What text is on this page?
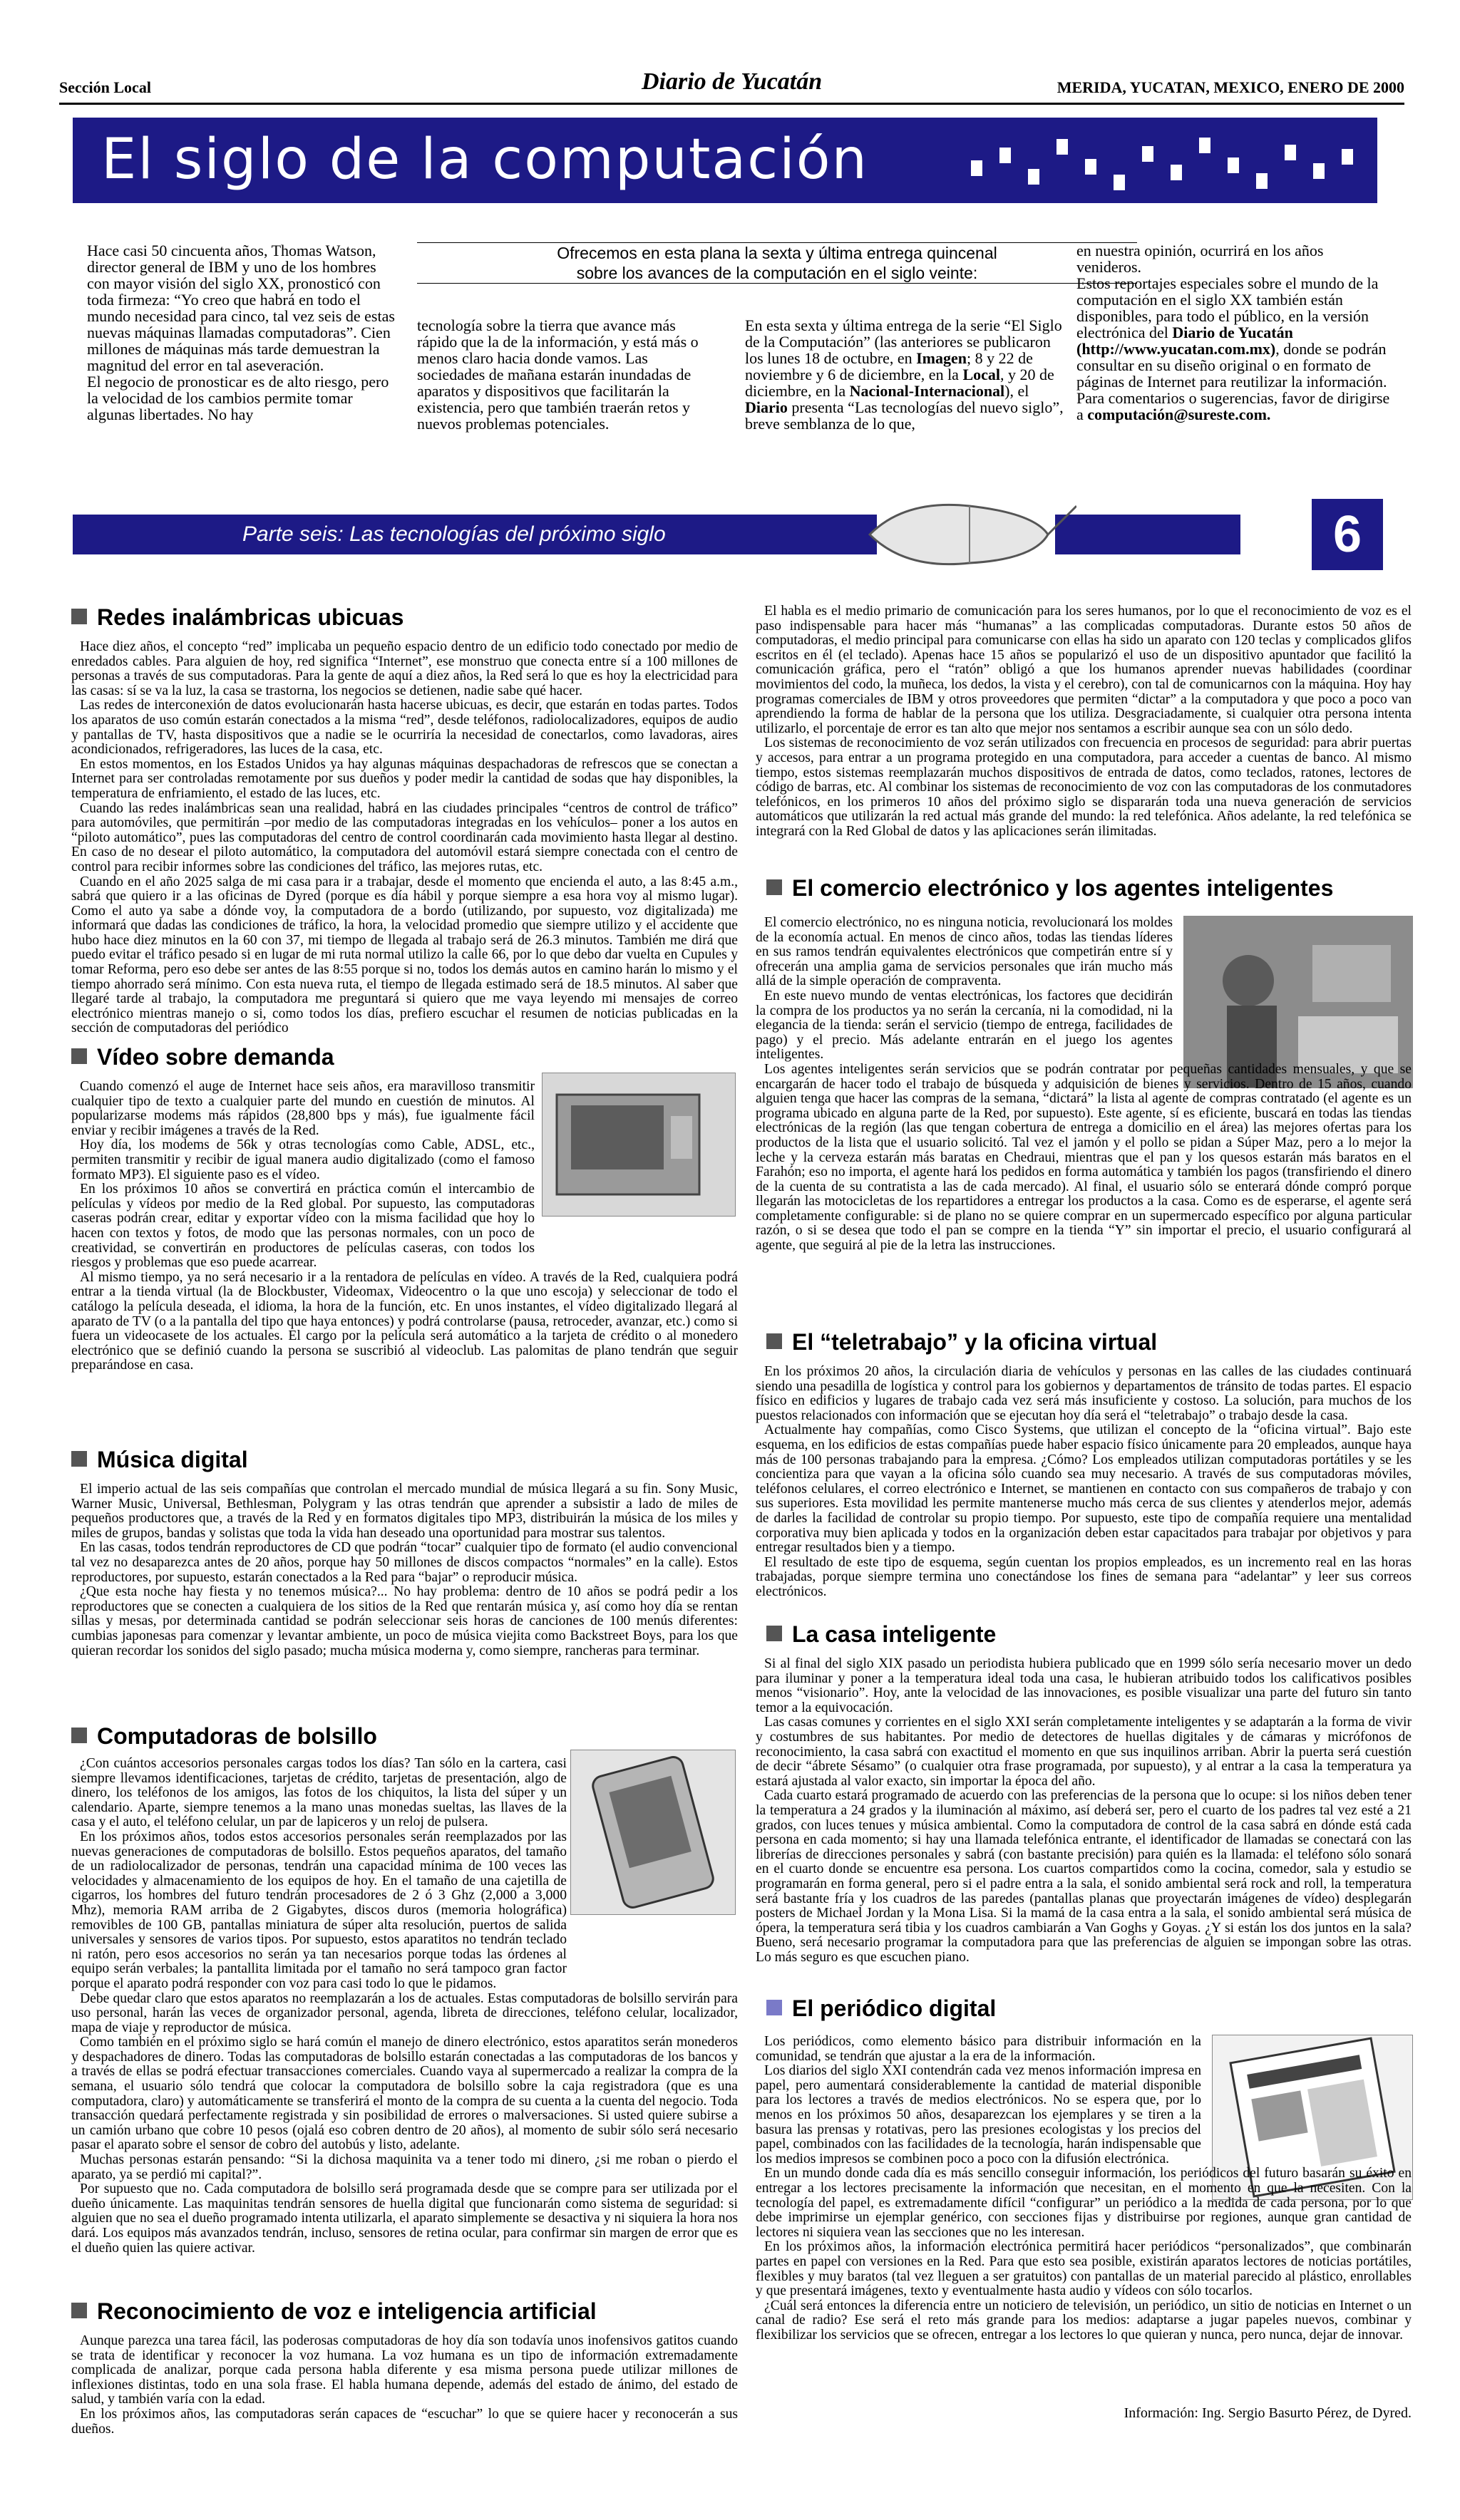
Sección Local	Diario de Yucatán	MERIDA, YUCATAN, MEXICO, ENERO DE 2000
El siglo de la computación

Hace casi 50 cincuenta años, Thomas Watson, director general de IBM y uno de los hombres con mayor visión del siglo XX, pronosticó con toda firmeza: “Yo creo que habrá en todo el mundo necesidad para cinco, tal vez seis de estas nuevas máquinas llamadas computadoras”. Cien millones de máquinas más tarde demuestran la magnitud del error en tal aseveración.

El negocio de pronosticar es de alto riesgo, pero la velocidad de los cambios permite tomar algunas libertades. No hay

Ofrecemos en esta plana la sexta y última entrega quincenal
sobre los avances de la computación en el siglo veinte:
tecnología sobre la tierra que avance más rápido que la de la información, y está más o menos claro hacia donde vamos. Las sociedades de mañana estarán inundadas de aparatos y dispositivos que facilitarán la existencia, pero que también traerán retos y nuevos problemas potenciales.
En esta sexta y última entrega de la serie “El Siglo de la Computación” (las anteriores se publicaron los lunes 18 de octubre, en Imagen; 8 y 22 de noviembre y 6 de diciembre, en la Local, y 20 de diciembre, en la Nacional-Internacional), el Diario presenta “Las tecnologías del nuevo siglo”, breve semblanza de lo que,

en nuestra opinión, ocurrirá en los años venideros.

Estos reportajes especiales sobre el mundo de la computación en el siglo XX también están disponibles, para todo el público, en la versión electrónica del Diario de Yucatán (http://www.yucatan.com.mx), donde se podrán consultar en su diseño original o en formato de páginas de Internet para reutilizar la información.

Para comentarios o sugerencias, favor de dirigirse a computación@sureste.com.

Parte seis: Las tecnologías del próximo siglo	6
Redes inalámbricas ubicuas

Hace diez años, el concepto “red” implicaba un pequeño espacio dentro de un edificio todo conectado por medio de enredados cables. Para alguien de hoy, red significa “Internet”, ese monstruo que conecta entre sí a 100 millones de personas a través de sus computadoras. Para la gente de aquí a diez años, la Red será lo que es hoy la electricidad para las casas: sí se va la luz, la casa se trastorna, los negocios se detienen, nadie sabe qué hacer.

Las redes de interconexión de datos evolucionarán hasta hacerse ubicuas, es decir, que estarán en todas partes. Todos los aparatos de uso común estarán conectados a la misma “red”, desde teléfonos, radiolocalizadores, equipos de audio y pantallas de TV, hasta dispositivos que a nadie se le ocurriría la necesidad de conectarlos, como lavadoras, aires acondicionados, refrigeradores, las luces de la casa, etc.

En estos momentos, en los Estados Unidos ya hay algunas máquinas despachadoras de refrescos que se conectan a Internet para ser controladas remotamente por sus dueños y poder medir la cantidad de sodas que hay disponibles, la temperatura de enfriamiento, el estado de las luces, etc.

Cuando las redes inalámbricas sean una realidad, habrá en las ciudades principales “centros de control de tráfico” para automóviles, que permitirán –por medio de las computadoras integradas en los vehículos– poner a los autos en “piloto automático”, pues las computadoras del centro de control coordinarán cada movimiento hasta llegar al destino. En caso de no desear el piloto automático, la computadora del automóvil estará siempre conectada con el centro de control para recibir informes sobre las condiciones del tráfico, las mejores rutas, etc.

Cuando en el año 2025 salga de mi casa para ir a trabajar, desde el momento que encienda el auto, a las 8:45 a.m., sabrá que quiero ir a las oficinas de Dyred (porque es día hábil y porque siempre a esa hora voy al mismo lugar). Como el auto ya sabe a dónde voy, la computadora de a bordo (utilizando, por supuesto, voz digitalizada) me informará que dadas las condiciones de tráfico, la hora, la velocidad promedio que siempre utilizo y el accidente que hubo hace diez minutos en la 60 con 37, mi tiempo de llegada al trabajo será de 26.3 minutos. También me dirá que puedo evitar el tráfico pesado si en lugar de mi ruta normal utilizo la calle 66, por lo que debo dar vuelta en Cupules y tomar Reforma, pero eso debe ser antes de las 8:55 porque si no, todos los demás autos en camino harán lo mismo y el tiempo ahorrado será mínimo. Con esta nueva ruta, el tiempo de llegada estimado será de 18.5 minutos. Al saber que llegaré tarde al trabajo, la computadora me preguntará si quiero que me vaya leyendo mi mensajes de correo electrónico mientras manejo o si, como todos los días, prefiero escuchar el resumen de noticias publicadas en la sección de computadoras del periódico

Vídeo sobre demanda

Cuando comenzó el auge de Internet hace seis años, era maravilloso transmitir cualquier tipo de texto a cualquier parte del mundo en cuestión de minutos. Al popularizarse modems más rápidos (28,800 bps y más), fue igualmente fácil enviar y recibir imágenes a través de la Red.

Hoy día, los modems de 56k y otras tecnologías como Cable, ADSL, etc., permiten transmitir y recibir de igual manera audio digitalizado (como el famoso formato MP3). El siguiente paso es el vídeo.

En los próximos 10 años se convertirá en práctica común el intercambio de películas y vídeos por medio de la Red global. Por supuesto, las computadoras caseras podrán crear, editar y exportar vídeo con la misma facilidad que hoy lo hacen con textos y fotos, de modo que las personas normales, con un poco de creatividad, se convertirán en productores de películas caseras, con todos los riesgos y problemas que eso puede acarrear.

Al mismo tiempo, ya no será necesario ir a la rentadora de películas en vídeo. A través de la Red, cualquiera podrá entrar a la tienda virtual (la de Blockbuster, Videomax, Videocentro o la que uno escoja) y seleccionar de todo el catálogo la película deseada, el idioma, la hora de la función, etc. En unos instantes, el vídeo digitalizado llegará al aparato de TV (o a la pantalla del tipo que haya entonces) y podrá controlarse (pausa, retroceder, avanzar, etc.) como si fuera un videocasete de los actuales. El cargo por la película será automático a la tarjeta de crédito o al monedero electrónico que se definió cuando la persona se suscribió al videoclub. Las palomitas de plano tendrán que seguir preparándose en casa.

Música digital

El imperio actual de las seis compañías que controlan el mercado mundial de música llegará a su fin. Sony Music, Warner Music, Universal, Bethlesman, Polygram y las otras tendrán que aprender a subsistir a lado de miles de pequeños productores que, a través de la Red y en formatos digitales tipo MP3, distribuirán la música de los miles y miles de grupos, bandas y solistas que toda la vida han deseado una oportunidad para mostrar sus talentos.

En las casas, todos tendrán reproductores de CD que podrán “tocar” cualquier tipo de formato (el audio convencional tal vez no desaparezca antes de 20 años, porque hay 50 millones de discos compactos “normales” en la calle). Estos reproductores, por supuesto, estarán conectados a la Red para “bajar” o reproducir música.

¿Que esta noche hay fiesta y no tenemos música?... No hay problema: dentro de 10 años se podrá pedir a los reproductores que se conecten a cualquiera de los sitios de la Red que rentarán música y, así como hoy día se rentan sillas y mesas, por determinada cantidad se podrán seleccionar seis horas de canciones de 100 menús diferentes: cumbias japonesas para comenzar y levantar ambiente, un poco de música viejita como Backstreet Boys, para los que quieran recordar los sonidos del siglo pasado; mucha música moderna y, como siempre, rancheras para terminar.

Computadoras de bolsillo

¿Con cuántos accesorios personales cargas todos los días? Tan sólo en la cartera, casi siempre llevamos identificaciones, tarjetas de crédito, tarjetas de presentación, algo de dinero, los teléfonos de los amigos, las fotos de los chiquitos, la lista del súper y un calendario. Aparte, siempre tenemos a la mano unas monedas sueltas, las llaves de la casa y el auto, el teléfono celular, un par de lapiceros y un reloj de pulsera.

En los próximos años, todos estos accesorios personales serán reemplazados por las nuevas generaciones de computadoras de bolsillo. Estos pequeños aparatos, del tamaño de un radiolocalizador de personas, tendrán una capacidad mínima de 100 veces las velocidades y almacenamiento de los equipos de hoy. En el tamaño de una cajetilla de cigarros, los hombres del futuro tendrán procesadores de 2 ó 3 Ghz (2,000 a 3,000 Mhz), memoria RAM arriba de 2 Gigabytes, discos duros (memoria holográfica) removibles de 100 GB, pantallas miniatura de súper alta resolución, puertos de salida universales y sensores de varios tipos. Por supuesto, estos aparatitos no tendrán teclado ni ratón, pero esos accesorios no serán ya tan necesarios porque todas las órdenes al equipo serán verbales; la pantallita limitada por el tamaño no será tampoco gran factor porque el aparato podrá responder con voz para casi todo lo que le pidamos.

Debe quedar claro que estos aparatos no reemplazarán a los de actuales. Estas computadoras de bolsillo servirán para uso personal, harán las veces de organizador personal, agenda, libreta de direcciones, teléfono celular, localizador, mapa de viaje y reproductor de música.

Como también en el próximo siglo se hará común el manejo de dinero electrónico, estos aparatitos serán monederos y despachadores de dinero. Todas las computadoras de bolsillo estarán conectadas a las computadoras de los bancos y a través de ellas se podrá efectuar transacciones comerciales. Cuando vaya al supermercado a realizar la compra de la semana, el usuario sólo tendrá que colocar la computadora de bolsillo sobre la caja registradora (que es una computadora, claro) y automáticamente se transferirá el monto de la compra de su cuenta a la cuenta del negocio. Toda transacción quedará perfectamente registrada y sin posibilidad de errores o malversaciones. Si usted quiere subirse a un camión urbano que cobre 10 pesos (ojalá eso cobren dentro de 20 años), al momento de subir sólo será necesario pasar el aparato sobre el sensor de cobro del autobús y listo, adelante.

Muchas personas estarán pensando: “Si la dichosa maquinita va a tener todo mi dinero, ¿si me roban o pierdo el aparato, ya se perdió mi capital?”.

Por supuesto que no. Cada computadora de bolsillo será programada desde que se compre para ser utilizada por el dueño únicamente. Las maquinitas tendrán sensores de huella digital que funcionarán como sistema de seguridad: si alguien que no sea el dueño programado intenta utilizarla, el aparato simplemente se desactiva y ni siquiera la hora nos dará. Los equipos más avanzados tendrán, incluso, sensores de retina ocular, para confirmar sin margen de error que es el dueño quien las quiere activar.

Reconocimiento de voz e inteligencia artificial

Aunque parezca una tarea fácil, las poderosas computadoras de hoy día son todavía unos inofensivos gatitos cuando se trata de identificar y reconocer la voz humana. La voz humana es un tipo de información extremadamente complicada de analizar, porque cada persona habla diferente y esa misma persona puede utilizar millones de inflexiones distintas, todo en una sola frase. El habla humana depende, además del estado de ánimo, del estado de salud, y también varía con la edad.

En los próximos años, las computadoras serán capaces de “escuchar” lo que se quiere hacer y reconocerán a sus dueños.

El habla es el medio primario de comunicación para los seres humanos, por lo que el reconocimiento de voz es el paso indispensable para hacer más “humanas” a las complicadas computadoras. Durante estos 50 años de computadoras, el medio principal para comunicarse con ellas ha sido un aparato con 120 teclas y complicados glifos escritos en él (el teclado). Apenas hace 15 años se popularizó el uso de un dispositivo apuntador que facilitó la comunicación gráfica, pero el “ratón” obligó a que los humanos aprender nuevas habilidades (coordinar movimientos del codo, la muñeca, los dedos, la vista y el cerebro), con tal de comunicarnos con la máquina. Hoy hay programas comerciales de IBM y otros proveedores que permiten “dictar” a la computadora y que poco a poco van aprendiendo la forma de hablar de la persona que los utiliza. Desgraciadamente, si cualquier otra persona intenta utilizarlo, el porcentaje de error es tan alto que mejor nos sentamos a escribir aunque sea con un sólo dedo.

Los sistemas de reconocimiento de voz serán utilizados con frecuencia en procesos de seguridad: para abrir puertas y accesos, para entrar a un programa protegido en una computadora, para acceder a cuentas de banco. Al mismo tiempo, estos sistemas reemplazarán muchos dispositivos de entrada de datos, como teclados, ratones, lectores de código de barras, etc. Al combinar los sistemas de reconocimiento de voz con las computadoras de los conmutadores telefónicos, en los primeros 10 años del próximo siglo se dispararán toda una nueva generación de servicios automáticos que utilizarán la red actual más grande del mundo: la red telefónica. Años adelante, la red telefónica se integrará con la Red Global de datos y las aplicaciones serán ilimitadas.

El comercio electrónico y los agentes inteligentes

El comercio electrónico, no es ninguna noticia, revolucionará los moldes de la economía actual. En menos de cinco años, todas las tiendas líderes en sus ramos tendrán equivalentes electrónicos que competirán entre sí y ofrecerán una amplia gama de servicios personales que irán mucho más allá de la simple operación de compraventa.

En este nuevo mundo de ventas electrónicas, los factores que decidirán la compra de los productos ya no serán la cercanía, ni la comodidad, ni la elegancia de la tienda: serán el servicio (tiempo de entrega, facilidades de pago) y el precio. Más adelante entrarán en el juego los agentes inteligentes.

Los agentes inteligentes serán servicios que se podrán contratar por pequeñas cantidades mensuales, y que se encargarán de hacer todo el trabajo de búsqueda y adquisición de bienes y servicios. Dentro de 15 años, cuando alguien tenga que hacer las compras de la semana, “dictará” la lista al agente de compras contratado (el agente es un programa ubicado en alguna parte de la Red, por supuesto). Este agente, sí es eficiente, buscará en todas las tiendas electrónicas de la región (las que tengan cobertura de entrega a domicilio en el área) las mejores ofertas para los productos de la lista que el usuario solicitó. Tal vez el jamón y el pollo se pidan a Súper Maz, pero a lo mejor la leche y la cerveza estarán más baratas en Chedraui, mientras que el pan y los quesos estarán más baratos en el Farahón; eso no importa, el agente hará los pedidos en forma automática y también los pagos (transfiriendo el dinero de la cuenta de su contratista a las de cada mercado). Al final, el usuario sólo se enterará dónde compró porque llegarán las motocicletas de los repartidores a entregar los productos a la casa. Como es de esperarse, el agente será completamente configurable: si de plano no se quiere comprar en un supermercado específico por alguna particular razón, o si se desea que todo el pan se compre en la tienda “Y” sin importar el precio, el usuario configurará al agente, que seguirá al pie de la letra las instrucciones.

El “teletrabajo” y la oficina virtual

En los próximos 20 años, la circulación diaria de vehículos y personas en las calles de las ciudades continuará siendo una pesadilla de logística y control para los gobiernos y departamentos de tránsito de todas partes. El espacio físico en edificios y lugares de trabajo cada vez será más insuficiente y costoso. La solución, para muchos de los puestos relacionados con información que se ejecutan hoy día será el “teletrabajo” o trabajo desde la casa.

Actualmente hay compañías, como Cisco Systems, que utilizan el concepto de la “oficina virtual”. Bajo este esquema, en los edificios de estas compañías puede haber espacio físico únicamente para 20 empleados, aunque haya más de 100 personas trabajando para la empresa. ¿Cómo? Los empleados utilizan computadoras portátiles y se les concientiza para que vayan a la oficina sólo cuando sea muy necesario. A través de sus computadoras móviles, teléfonos celulares, el correo electrónico e Internet, se mantienen en contacto con sus compañeros de trabajo y con sus superiores. Esta movilidad les permite mantenerse mucho más cerca de sus clientes y atenderlos mejor, además de darles la facilidad de controlar su propio tiempo. Por supuesto, este tipo de compañía requiere una mentalidad corporativa muy bien aplicada y todos en la organización deben estar capacitados para trabajar por objetivos y para entregar resultados bien y a tiempo.

El resultado de este tipo de esquema, según cuentan los propios empleados, es un incremento real en las horas trabajadas, porque siempre termina uno conectándose los fines de semana para “adelantar” y leer sus correos electrónicos.

La casa inteligente

Si al final del siglo XIX pasado un periodista hubiera publicado que en 1999 sólo sería necesario mover un dedo para iluminar y poner a la temperatura ideal toda una casa, le hubieran atribuido todos los calificativos posibles menos “visionario”. Hoy, ante la velocidad de las innovaciones, es posible visualizar una parte del futuro sin tanto temor a la equivocación.

Las casas comunes y corrientes en el siglo XXI serán completamente inteligentes y se adaptarán a la forma de vivir y costumbres de sus habitantes. Por medio de detectores de huellas digitales y de cámaras y micrófonos de reconocimiento, la casa sabrá con exactitud el momento en que sus inquilinos arriban. Abrir la puerta será cuestión de decir “ábrete Sésamo” (o cualquier otra frase programada, por supuesto), y al entrar a la casa la temperatura ya estará ajustada al valor exacto, sin importar la época del año.

Cada cuarto estará programado de acuerdo con las preferencias de la persona que lo ocupe: si los niños deben tener la temperatura a 24 grados y la iluminación al máximo, así deberá ser, pero el cuarto de los padres tal vez esté a 21 grados, con luces tenues y música ambiental. Como la computadora de control de la casa sabrá en dónde está cada persona en cada momento; si hay una llamada telefónica entrante, el identificador de llamadas se conectará con las librerías de direcciones personales y sabrá (con bastante precisión) para quién es la llamada: el teléfono sólo sonará en el cuarto donde se encuentre esa persona. Los cuartos compartidos como la cocina, comedor, sala y estudio se programarán en forma general, pero si el padre entra a la sala, el sonido ambiental será rock and roll, la temperatura será bastante fría y los cuadros de las paredes (pantallas planas que proyectarán imágenes de vídeo) desplegarán posters de Michael Jordan y la Mona Lisa. Si la mamá de la casa entra a la sala, el sonido ambiental será música de ópera, la temperatura será tibia y los cuadros cambiarán a Van Goghs y Goyas. ¿Y si están los dos juntos en la sala? Bueno, será necesario programar la computadora para que las preferencias de alguien se impongan sobre las otras. Lo más seguro es que escuchen piano.

El periódico digital

Los periódicos, como elemento básico para distribuir información en la comunidad, se tendrán que ajustar a la era de la información.

Los diarios del siglo XXI contendrán cada vez menos información impresa en papel, pero aumentará considerablemente la cantidad de material disponible para los lectores a través de medios electrónicos. No se espera que, por lo menos en los próximos 50 años, desaparezcan los ejemplares y se tiren a la basura las prensas y rotativas, pero las presiones ecologistas y los precios del papel, combinados con las facilidades de la tecnología, harán indispensable que los medios impresos se combinen poco a poco con la difusión electrónica.

En un mundo donde cada día es más sencillo conseguir información, los periódicos del futuro basarán su éxito en entregar a los lectores precisamente la información que necesitan, en el momento en que la necesiten. Con la tecnología del papel, es extremadamente difícil “configurar” un periódico a la medida de cada persona, por lo que debe imprimirse un ejemplar genérico, con secciones fijas y distribuirse por regiones, aunque gran cantidad de lectores ni siquiera vean las secciones que no les interesan.

En los próximos años, la información electrónica permitirá hacer periódicos “personalizados”, que combinarán partes en papel con versiones en la Red. Para que esto sea posible, existirán aparatos lectores de noticias portátiles, flexibles y muy baratos (tal vez lleguen a ser gratuitos) con pantallas de un material parecido al plástico, enrollables y que presentará imágenes, texto y eventualmente hasta audio y vídeos con sólo tocarlos.

¿Cuál será entonces la diferencia entre un noticiero de televisión, un periódico, un sitio de noticias en Internet o un canal de radio? Ese será el reto más grande para los medios: adaptarse a jugar papeles nuevos, combinar y flexibilizar los servicios que se ofrecen, entregar a los lectores lo que quieran y nunca, pero nunca, dejar de innovar.

Información: Ing. Sergio Basurto Pérez, de Dyred.
